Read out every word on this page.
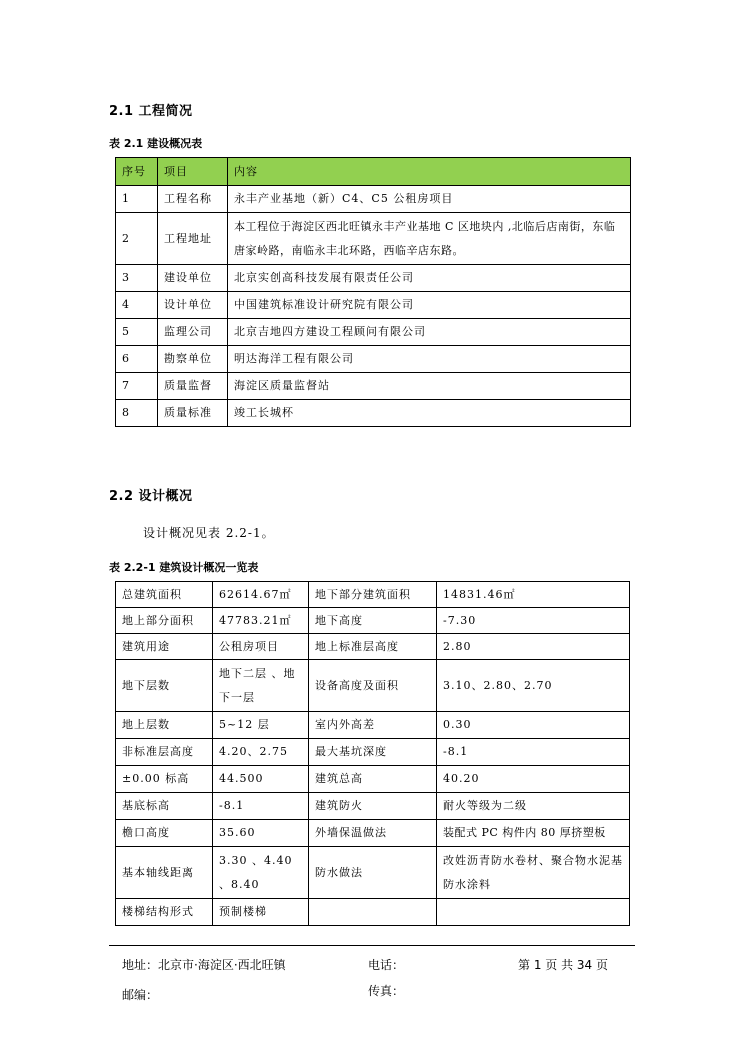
2.1 工程简况
表 2.1 建设概况表
序号	项目	内容
1	工程名称	永丰产业基地（新）C4、C5 公租房项目
2	工程地址	本工程位于海淀区西北旺镇永丰产业基地 C 区地块内 ,北临后店南街，东临唐家岭路，南临永丰北环路，西临辛店东路。
3	建设单位	北京实创高科技发展有限责任公司
4	设计单位	中国建筑标准设计研究院有限公司
5	监理公司	北京吉地四方建设工程顾问有限公司
6	勘察单位	明达海洋工程有限公司
7	质量监督	海淀区质量监督站
8	质量标准	竣工长城杯
2.2 设计概况
设计概况见表 2.2-1。
表 2.2-1 建筑设计概况一览表
总建筑面积	62614.67㎡	地下部分建筑面积	14831.46㎡
地上部分面积	47783.21㎡	地下高度	-7.30
建筑用途	公租房项目	地上标准层高度	2.80
地下层数	地下二层 、地下一层	设备高度及面积	3.10、2.80、2.70
地上层数	5~12 层	室内外高差	0.30
非标准层高度	4.20、2.75	最大基坑深度	-8.1
±0.00 标高	44.500	建筑总高	40.20
基底标高	-8.1	建筑防火	耐火等级为二级
檐口高度	35.60	外墙保温做法	装配式 PC 构件内 80 厚挤塑板
基本轴线距离	3.30 、4.40 、8.40	防水做法	改姓沥青防水卷材、聚合物水泥基防水涂料
楼梯结构形式	预制楼梯		
地址：北京市·海淀区·西北旺镇	电话：	第 1 页 共 34 页
邮编：	传真：
